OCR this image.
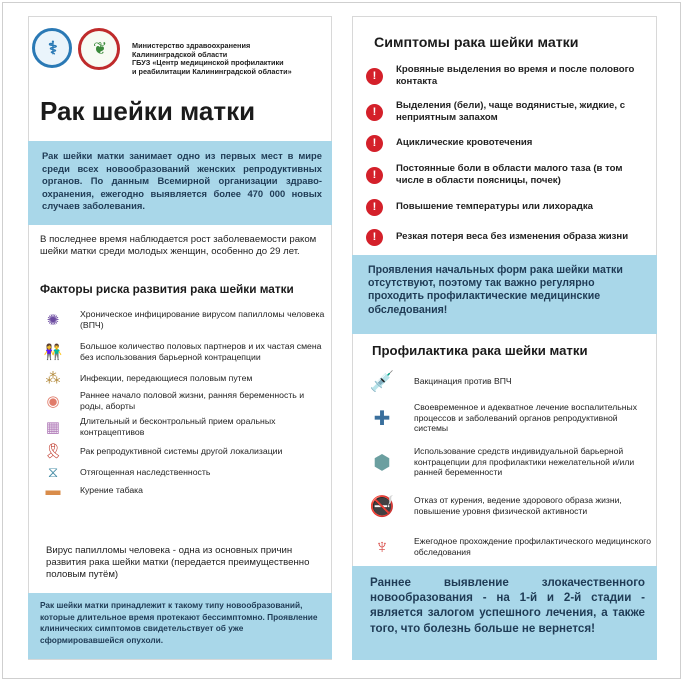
⚕ ❦	Министерство здравоохранения
Калининградской области
ГБУЗ «Центр медицинской профилактики
и реабилитации Калининградской области»
Рак шейки матки
Рак шейки матки занимает одно из первых мест в мире среди всех новообразований женских репродуктивных органов. По данным Всемирной организации здраво-охранения, ежегодно выявляется более 470 000 новых случаев заболевания.
В последнее время наблюдается рост заболеваемости раком шейки матки среди молодых женщин, особенно до 29 лет.
Факторы риска развития рака шейки матки
✺	Хроническое инфицирование вирусом папилломы человека (ВПЧ)
👫	Большое количество половых партнеров и их частая смена без использования барьерной контрацепции
⁂	Инфекции, передающиеся половым путем
◉	Раннее начало половой жизни, ранняя беременность и роды, аборты
▦	Длительный и бесконтрольный прием оральных контрацептивов
🎗	Рак репродуктивной системы другой локализации
⧖	Отягощенная наследственность
▬	Курение табака
Вирус папилломы человека - одна из основных причин развития рака шейки матки (передается преимущественно половым путём)
Рак шейки матки принадлежит к такому типу новообразований, которые длительное время протекают бессимптомно. Проявление клинических симптомов свидетельствует об уже сформировавшейся опухоли.
Симптомы рака шейки матки
!	Кровяные выделения во время и после полового контакта
!	Выделения (бели), чаще водянистые, жидкие, с неприятным запахом
!	Ациклические кровотечения
!	Постоянные боли в области малого таза (в том числе в области поясницы, почек)
!	Повышение температуры или лихорадка
!	Резкая потеря веса без изменения образа жизни
Проявления начальных форм рака шейки матки отсутствуют, поэтому так важно регулярно проходить профилактические медицинские обследования!
Профилактика рака шейки матки
💉	Вакцинация против ВПЧ
✚
Своевременное и адекватное лечение воспалительных процессов и заболеваний органов репродуктивной системы
⬢
Использование средств индивидуальной барьерной контрацепции для профилактики нежелательной и/или ранней беременности
🚭	Отказ от курения, ведение здорового образа жизни, повышение уровня физической активности
♆	Ежегодное прохождение профилактического медицинского обследования
Раннее выявление злокачественного новообразования - на 1-й и 2-й стадии - является залогом успешного лечения, а также того, что болезнь больше не вернется!
